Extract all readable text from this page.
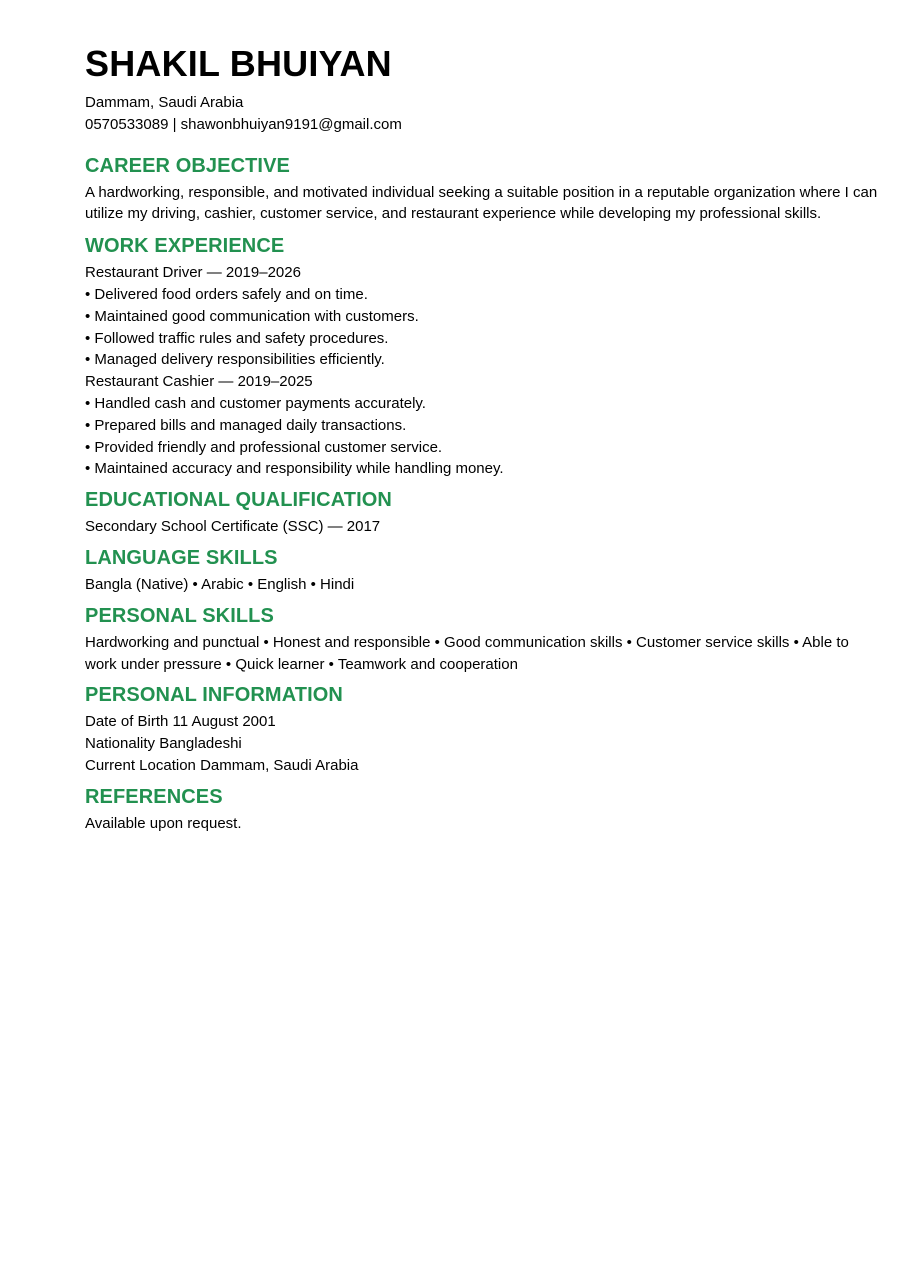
SHAKIL BHUIYAN

Dammam, Saudi Arabia

0570533089 | shawonbhuiyan9191@gmail.com

CAREER OBJECTIVE

A hardworking, responsible, and motivated individual seeking a suitable position in a reputable organization where I can utilize my driving, cashier, customer service, and restaurant experience while developing my professional skills.

WORK EXPERIENCE

Restaurant Driver — 2019–2026

• Delivered food orders safely and on time.

• Maintained good communication with customers.

• Followed traffic rules and safety procedures.

• Managed delivery responsibilities efficiently.

Restaurant Cashier — 2019–2025

• Handled cash and customer payments accurately.

• Prepared bills and managed daily transactions.

• Provided friendly and professional customer service.

• Maintained accuracy and responsibility while handling money.

EDUCATIONAL QUALIFICATION

Secondary School Certificate (SSC) — 2017

LANGUAGE SKILLS

Bangla (Native) • Arabic • English • Hindi

PERSONAL SKILLS

Hardworking and punctual • Honest and responsible • Good communication skills • Customer service skills • Able to work under pressure • Quick learner • Teamwork and cooperation

PERSONAL INFORMATION

Date of Birth 11 August 2001

Nationality Bangladeshi

Current Location Dammam, Saudi Arabia

REFERENCES

Available upon request.
